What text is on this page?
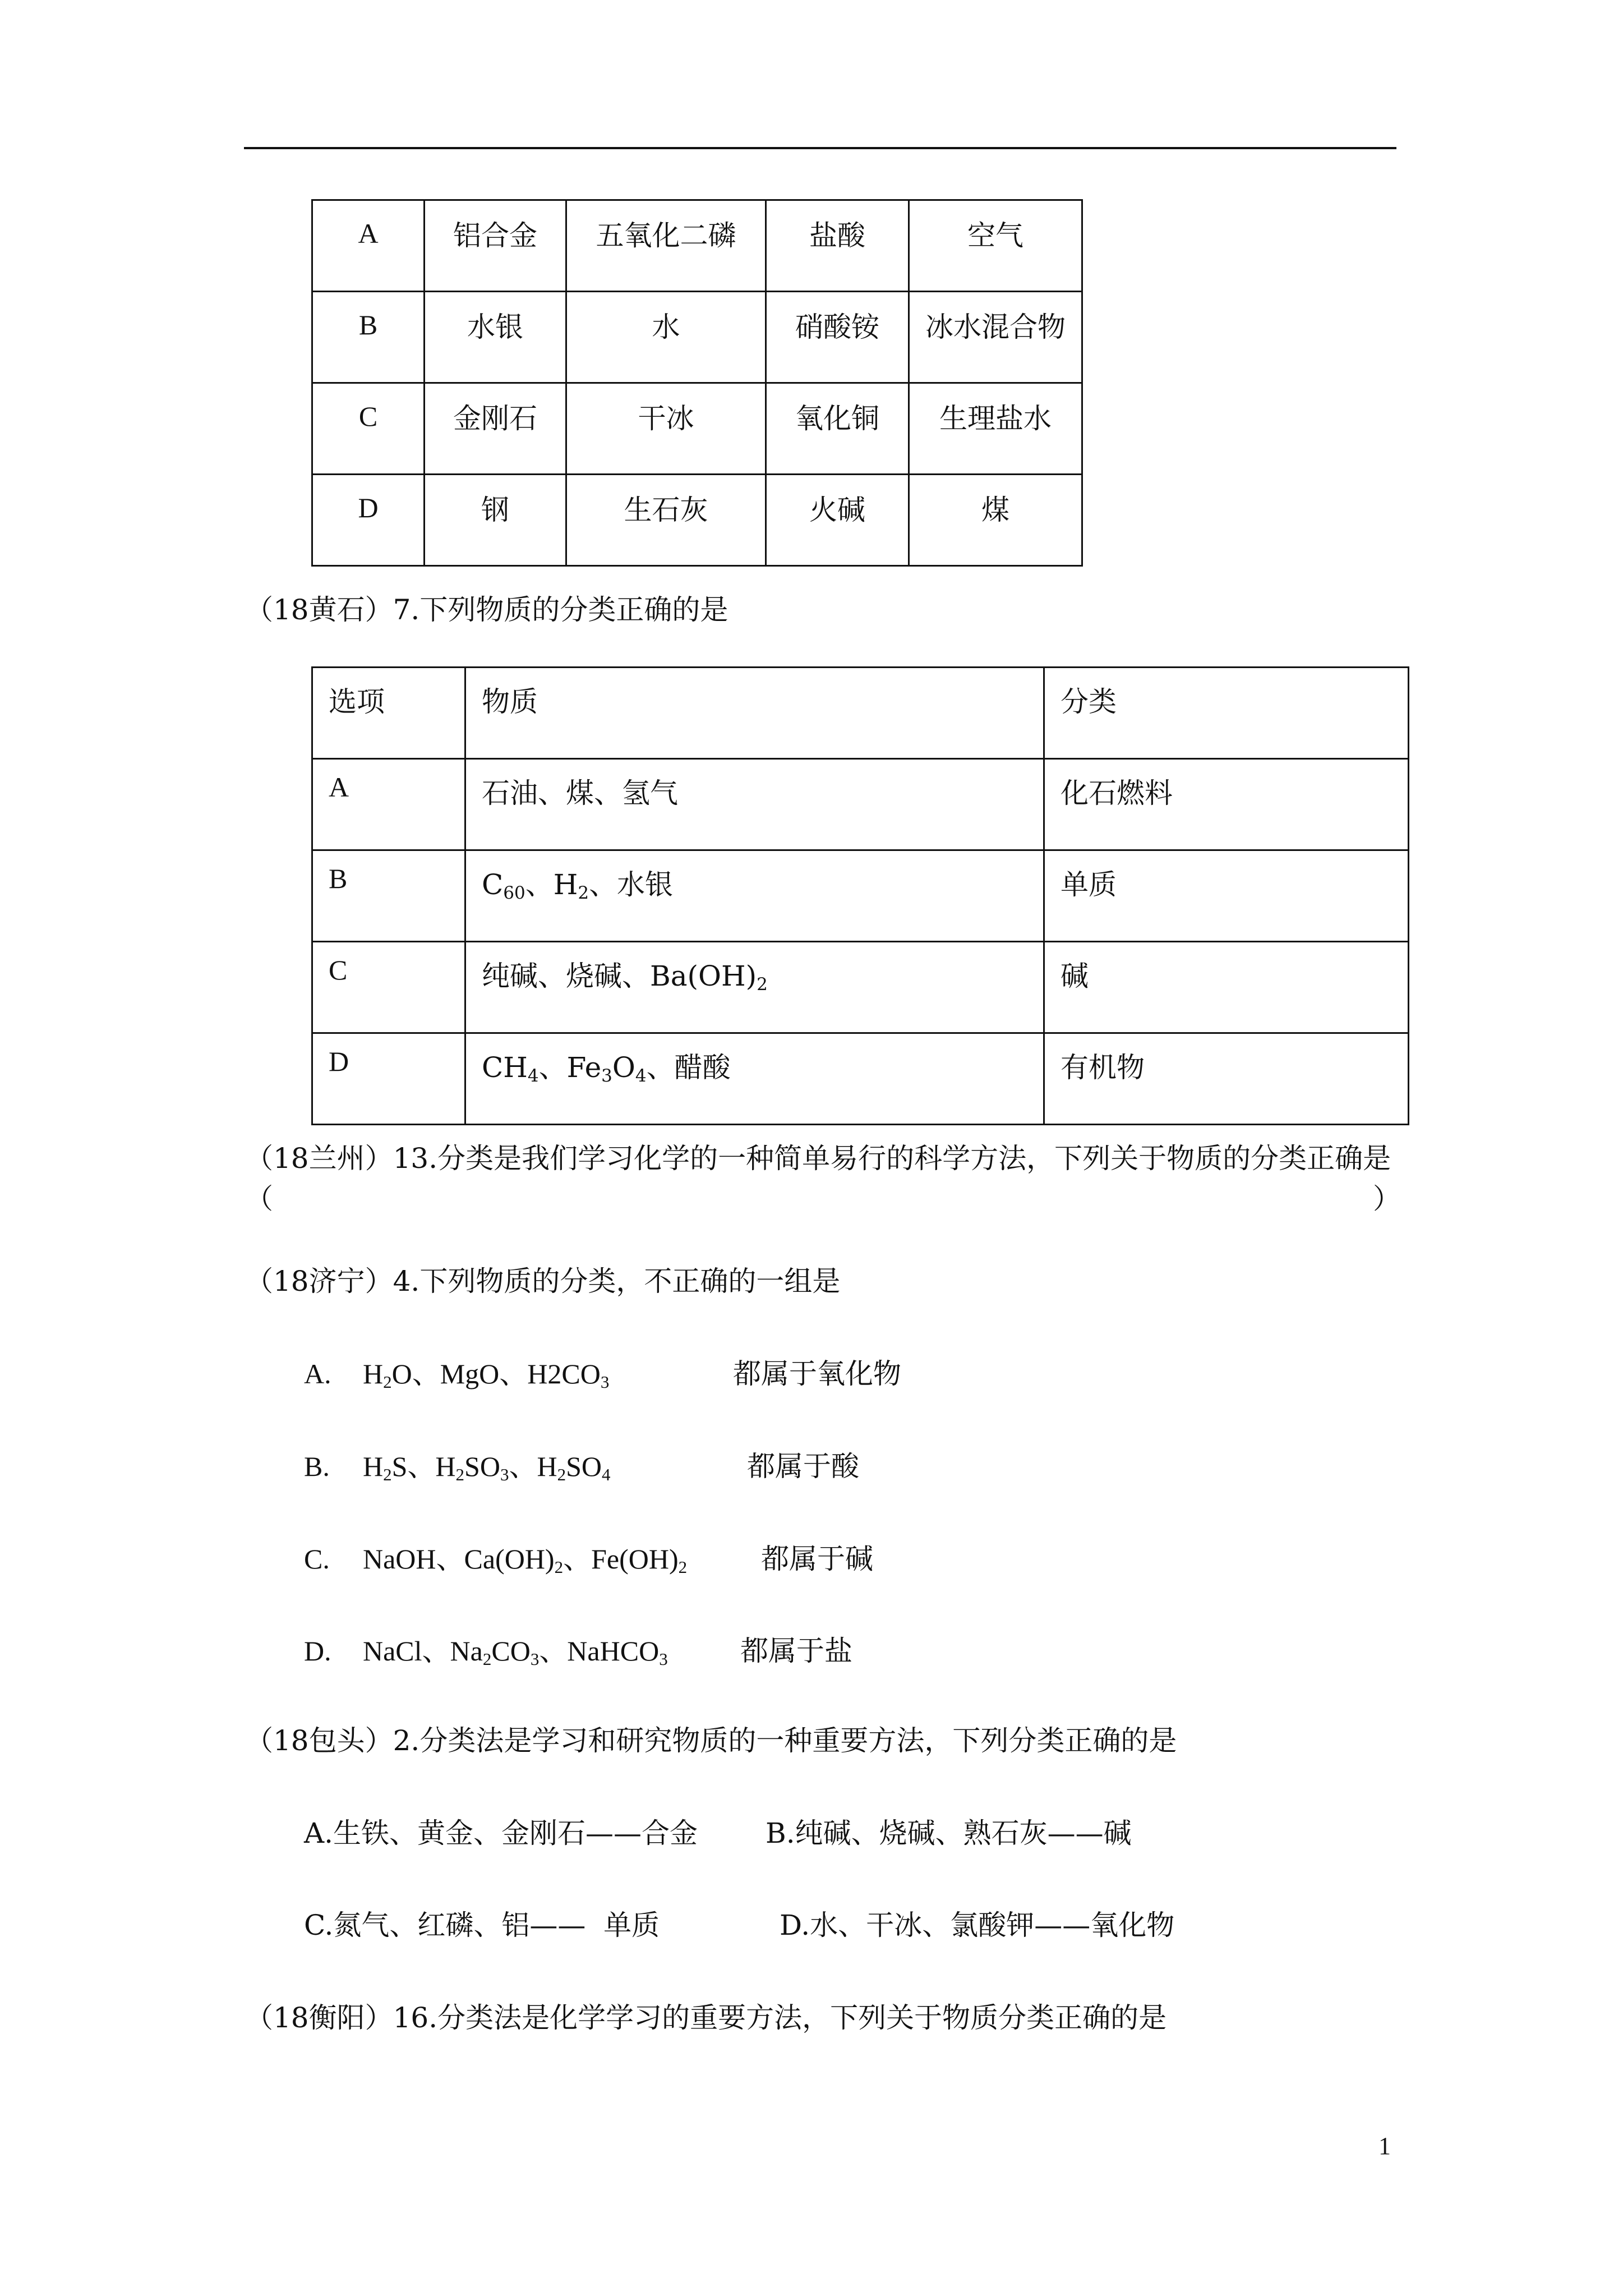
A	铝合金	五氧化二磷	盐酸	空气
B	水银	水	硝酸铵	冰水混合物
C	金刚石	干冰	氧化铜	生理盐水
D	钢	生石灰	火碱	煤
（18黄石）7.下列物质的分类正确的是
选项	物质	分类
A	石油、煤、氢气	化石燃料
B	$C_{60}$、$H_2$、水银	单质
C	纯碱、烧碱、$Ba(OH)_2$	碱
D	$CH_4$、$Fe_3O_4$、醋酸	有机物
（18兰州）13.分类是我们学习化学的一种简单易行的科学方法，下列关于物质的分类正确是
（	）
（18济宁）4.下列物质的分类，不正确的一组是
A. $H_2O$、MgO、$H2CO_3$	都属于氧化物
B. $H_2S$、$H_2SO_3$、$H_2SO_4$	都属于酸
C. NaOH、$Ca(OH)_2$、$Fe(OH)_2$	都属于碱
D. NaCl、$Na_2CO_3$、NaHCO$_3$	都属于盐
（18包头）2.分类法是学习和研究物质的一种重要方法，下列分类正确的是
A.生铁、黄金、金刚石——合金 B.纯碱、烧碱、熟石灰——碱
C.氮气、红磷、铝——  单质	D.水、干冰、氯酸钾——氧化物
（18衡阳）16.分类法是化学学习的重要方法，下列关于物质分类正确的是
1
